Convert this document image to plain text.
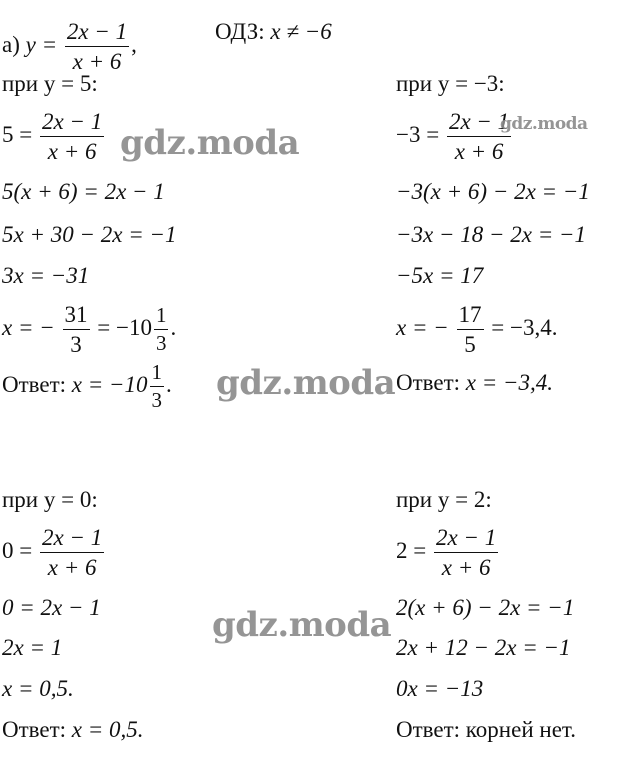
а) $y = \frac{2x - 1}{x + 6}$ ,
ОДЗ: x ≠ −6
при y = 5:
$5 = \frac{2x - 1}{x + 6}$
5(x + 6) = 2x − 1
5x + 30 − 2x = −1
3x = −31
x = − $\frac{31}{3} = -10 \frac{1}{3}$ .
Ответ: $x = -10 \frac{1}{3}$ .
при y = −3:
$-3 = \frac{2x - 1}{x + 6}$
−3(x + 6) − 2x = −1
−3x − 18 − 2x = −1
−5x = 17
x = − $\frac{17}{5} = -3,4$.
Ответ: x = −3,4.
при y = 0:
$0 = \frac{2x - 1}{x + 6}$
0 = 2x − 1
2x = 1
x = 0,5.
Ответ: x = 0,5.
при y = 2:
$2 = \frac{2x - 1}{x + 6}$
2(x + 6) − 2x = −1
2x + 12 − 2x = −1
0x = −13
Ответ: корней нет.
gdz.moda	gdz.moda
gdz.moda
gdz.moda
